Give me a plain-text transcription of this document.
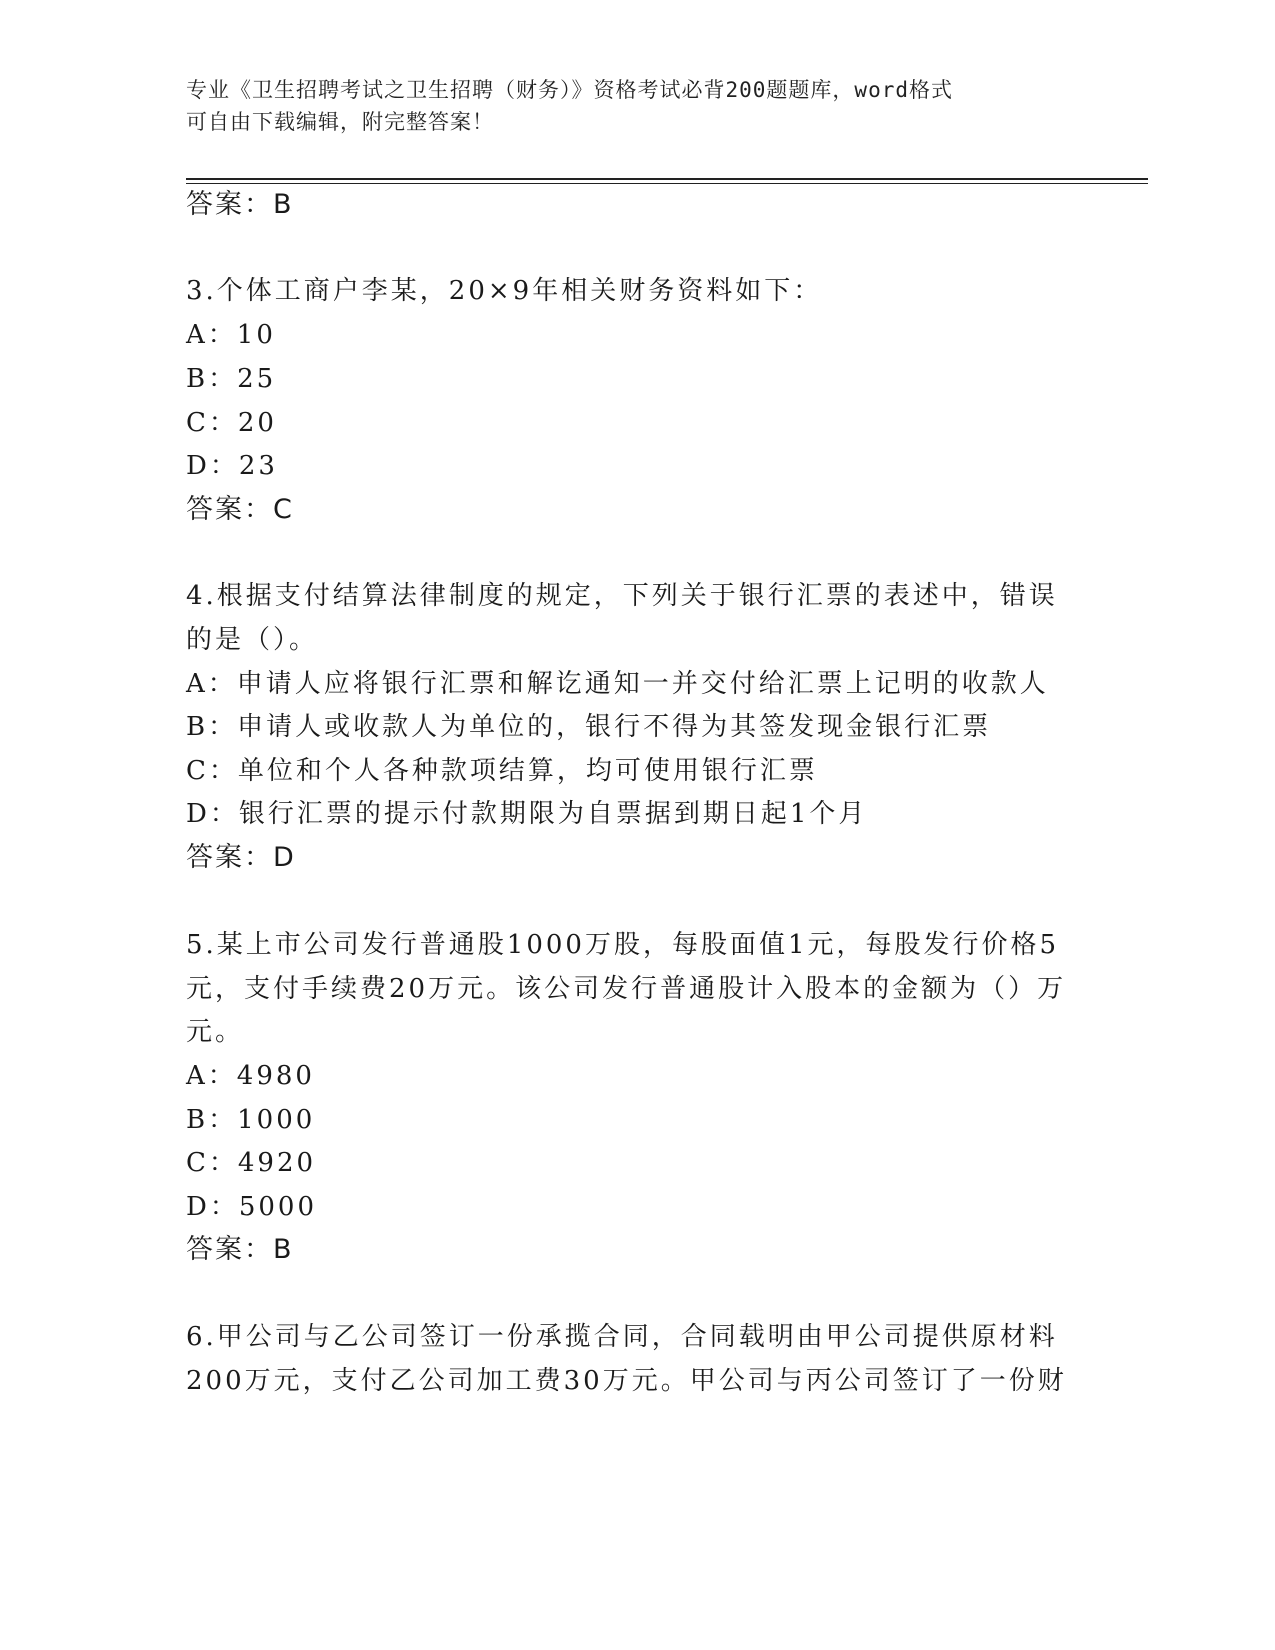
专业《卫生招聘考试之卫生招聘（财务）》资格考试必背200题题库，word格式
可自由下载编辑，附完整答案！
答案：B
3.个体工商户李某，20×9年相关财务资料如下：
A：10
B：25
C：20
D：23
答案：C
4.根据支付结算法律制度的规定，下列关于银行汇票的表述中，错误
的是（）。
A：申请人应将银行汇票和解讫通知一并交付给汇票上记明的收款人
B：申请人或收款人为单位的，银行不得为其签发现金银行汇票
C：单位和个人各种款项结算，均可使用银行汇票
D：银行汇票的提示付款期限为自票据到期日起1个月
答案：D
5.某上市公司发行普通股1000万股，每股面值1元，每股发行价格5
元，支付手续费20万元。该公司发行普通股计入股本的金额为（）万
元。
A：4980
B：1000
C：4920
D：5000
答案：B
6.甲公司与乙公司签订一份承揽合同，合同载明由甲公司提供原材料
200万元，支付乙公司加工费30万元。甲公司与丙公司签订了一份财
